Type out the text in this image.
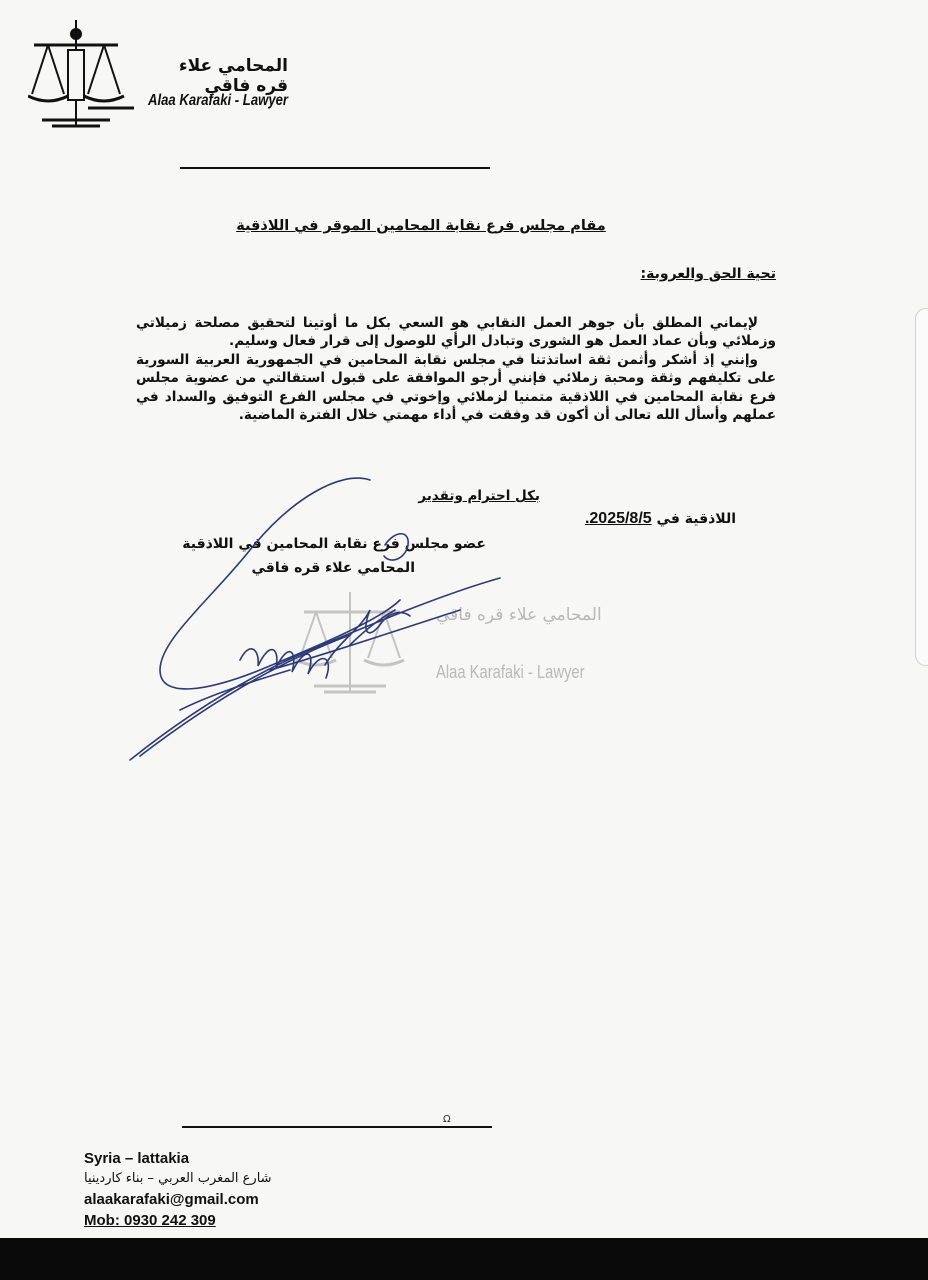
المحامي علاء قره فاقي
Alaa Karafaki - Lawyer
مقام مجلس فرع نقابة المحامين الموقر في اللاذقية
تحية الحق والعروبة:

لإيماني المطلق بأن جوهر العمل النقابي هو السعي بكل ما أوتينا لتحقيق مصلحة زميلاتي وزملائي وبأن عماد العمل هو الشورى وتبادل الرأي للوصول إلى قرار فعال وسليم.

وإنني إذ أشكر وأثمن ثقة اساتذتنا في مجلس نقابة المحامين في الجمهورية العربية السورية على تكليفهم وثقة ومحبة زملائي فإنني أرجو الموافقة على قبول استقالتي من عضوية مجلس فرع نقابة المحامين في اللاذقية متمنيا لزملائي وإخوتي في مجلس الفرع التوفيق والسداد في عملهم وأسأل الله تعالى أن أكون قد وفقت في أداء مهمتي خلال الفترة الماضية.

بكل احترام وتقدير
اللاذقية في 2025/8/5.
عضو مجلس فرع نقابة المحامين في اللاذقية
المحامي علاء قره فاقي
المحامي علاء قره فاقي
Alaa Karafaki - Lawyer
Ω
Syria – lattakia
شارع المغرب العربي – بناء كاردينيا
alaakarafaki@gmail.com
Mob: 0930 242 309
